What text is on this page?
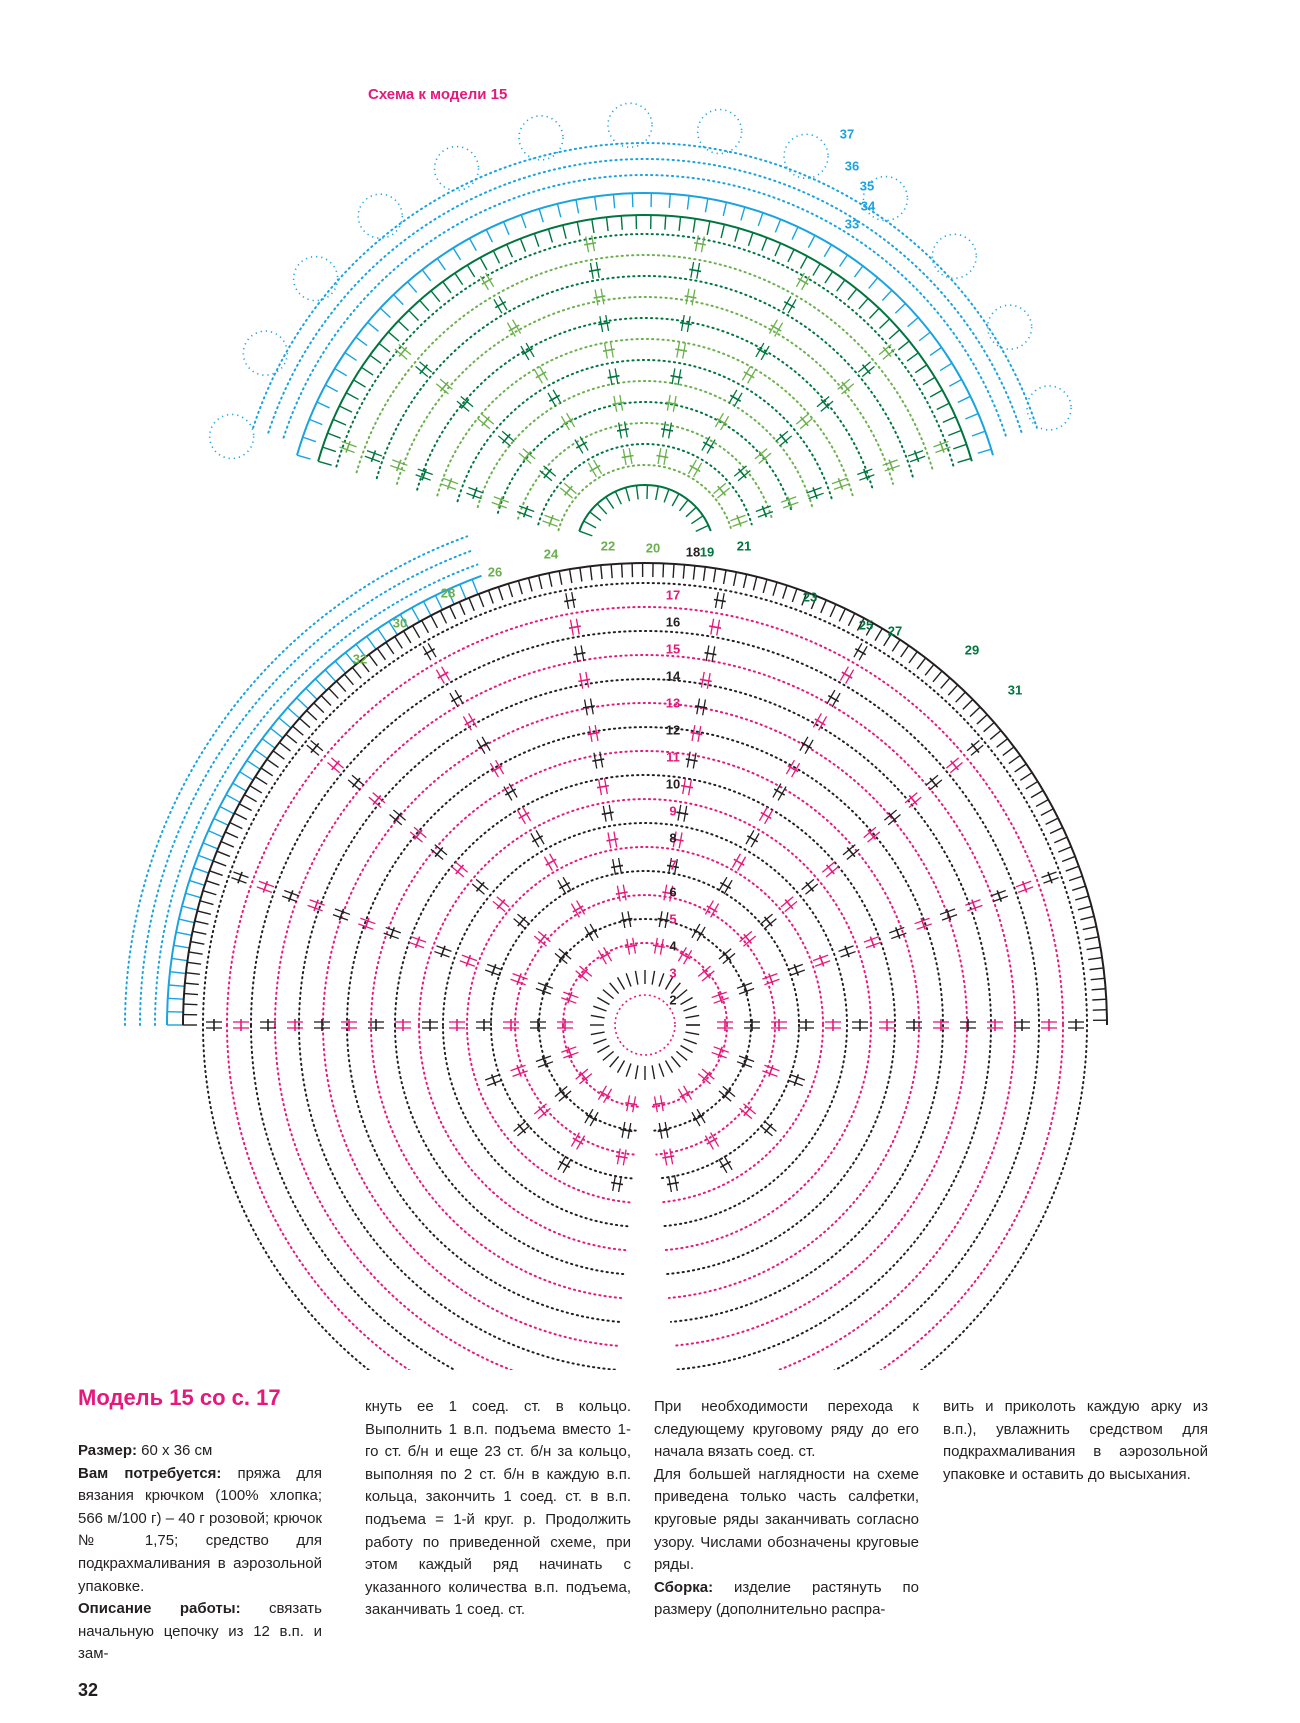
Схема к модели 15
2
3
4
5
6
7
8
9
10
11
12
13
14
15
16
17
18 19 21
23
25 27
29
31
20
22
24
26
28
30
32
33
34
35
36
37
Модель 15 со с. 17

Размер: 60 x 36 см

Вам потребуется: пряжа для вязания крючком (100% хлопка; 566 м/100 г) – 40 г розовой; крючок № 1,75; средство для подкрахмаливания в аэрозольной упаковке.

Описание работы: связать начальную цепочку из 12 в.п. и зам-

кнуть ее 1 соед. ст. в кольцо. Выполнить 1 в.п. подъема вместо 1-го ст. б/н и еще 23 ст. б/н за кольцо, выполняя по 2 ст. б/н в каждую в.п. кольца, закончить 1 соед. ст. в в.п. подъема = 1-й круг. р. Продолжить работу по приведенной схеме, при этом каждый ряд начинать с указанного количества в.п. подъема, заканчивать 1 соед. ст.

При необходимости перехода к следующему круговому ряду до его начала вязать соед. ст.

Для большей наглядности на схеме приведена только часть салфетки, круговые ряды заканчивать согласно узору. Числами обозначены круговые ряды.

Сборка: изделие растянуть по размеру (дополнительно распра-

вить и приколоть каждую арку из в.п.), увлажнить средством для подкрахмаливания в аэрозольной упаковке и оставить до высыхания.

32
